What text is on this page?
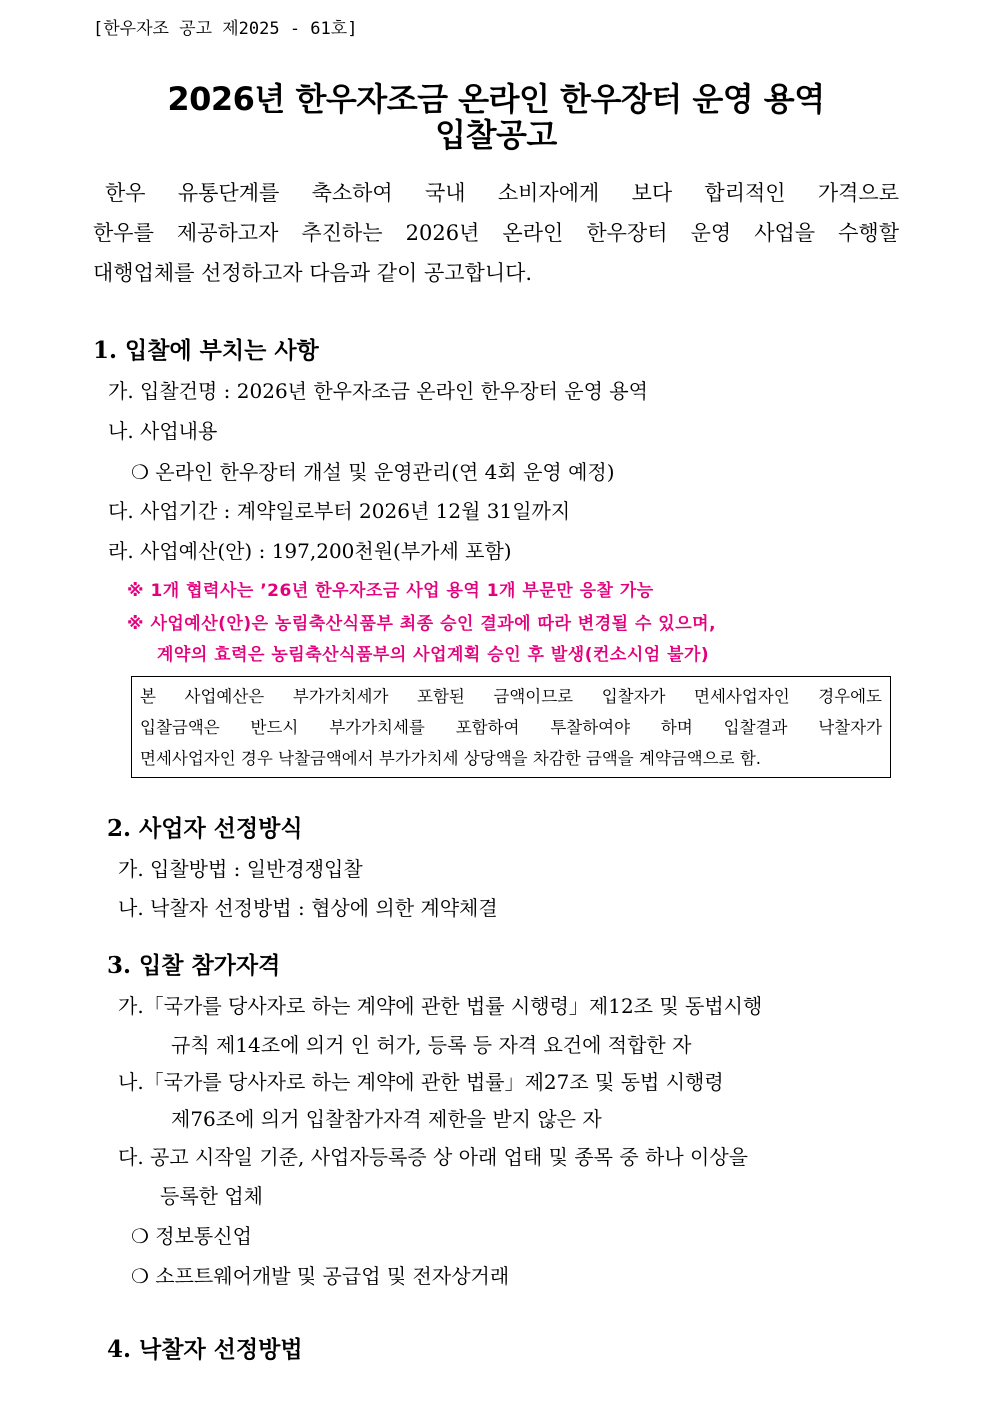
[한우자조 공고 제2025 - 61호]
2026년 한우자조금 온라인 한우장터 운영 용역
입찰공고
한우 유통단계를 축소하여 국내 소비자에게 보다 합리적인 가격으로
한우를 제공하고자 추진하는 2026년 온라인 한우장터 운영 사업을 수행할
대행업체를 선정하고자 다음과 같이 공고합니다.
1. 입찰에 부치는 사항
가. 입찰건명 : 2026년 한우자조금 온라인 한우장터 운영 용역
나. 사업내용
❍ 온라인 한우장터 개설 및 운영관리(연 4회 운영 예정)
다. 사업기간 : 계약일로부터 2026년 12월 31일까지
라. 사업예산(안) : 197,200천원(부가세 포함)
※ 1개 협력사는 ’26년 한우자조금 사업 용역 1개 부문만 응찰 가능
※ 사업예산(안)은 농림축산식품부 최종 승인 결과에 따라 변경될 수 있으며,
계약의 효력은 농림축산식품부의 사업계획 승인 후 발생(컨소시엄 불가)
본 사업예산은 부가가치세가 포함된 금액이므로 입찰자가 면세사업자인 경우에도
입찰금액은 반드시 부가가치세를 포함하여 투찰하여야 하며 입찰결과 낙찰자가
면세사업자인 경우 낙찰금액에서 부가가치세 상당액을 차감한 금액을 계약금액으로 함.
2. 사업자 선정방식
가. 입찰방법 : 일반경쟁입찰
나. 낙찰자 선정방법 : 협상에 의한 계약체결
3. 입찰 참가자격
가.「국가를 당사자로 하는 계약에 관한 법률 시행령」제12조 및 동법시행
규칙 제14조에 의거 인 허가, 등록 등 자격 요건에 적합한 자
나.「국가를 당사자로 하는 계약에 관한 법률」제27조 및 동법 시행령
제76조에 의거 입찰참가자격 제한을 받지 않은 자
다. 공고 시작일 기준, 사업자등록증 상 아래 업태 및 종목 중 하나 이상을
등록한 업체
❍ 정보통신업
❍ 소프트웨어개발 및 공급업 및 전자상거래
4. 낙찰자 선정방법
